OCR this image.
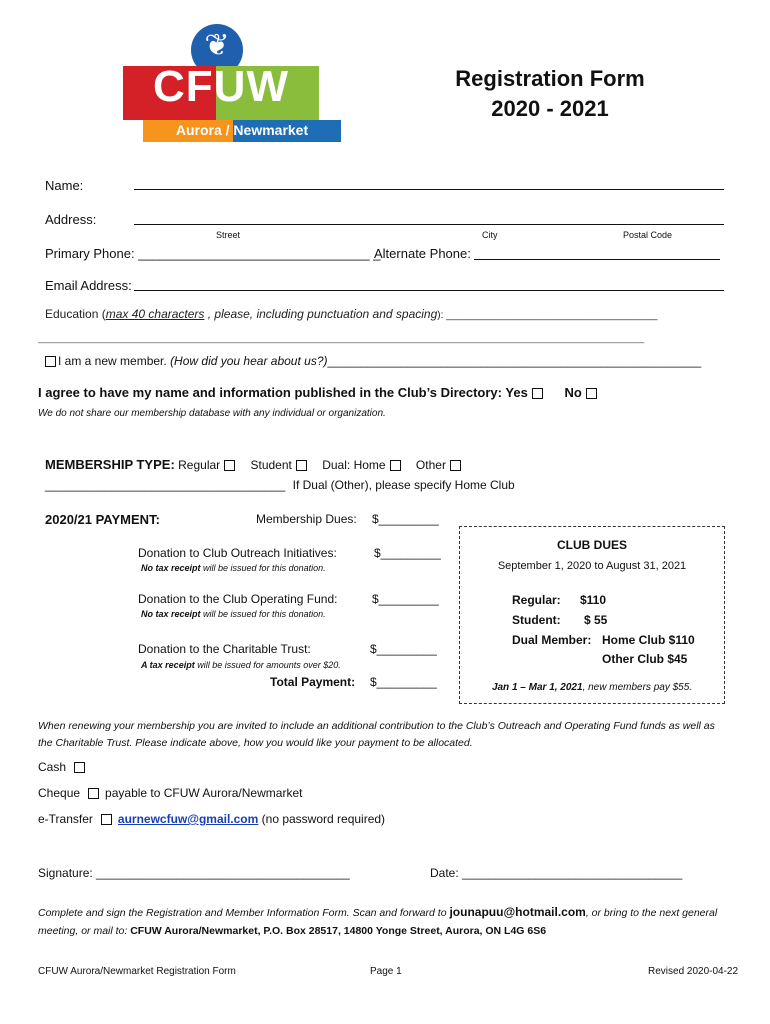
❦
CFUW
Aurora / Newmarket
Registration Form
2020 - 2021
Name:
Address:
Street	City	Postal Code
Primary Phone: ________________________________ _
Alternate Phone:
Email Address:
Education (max 40 characters , please, including punctuation and spacing): ______________________________________
_____________________________________________________________________________________________________________
I am a new member. (How did you hear about us?)________________________________________________________
I agree to have my name and information published in the Club’s Directory: Yes	No
We do not share our membership database with any individual or organization.
MEMBERSHIP TYPE: Regular	Student	Dual: Home	Other
____________________________________ If Dual (Other), please specify Home Club
2020/21 PAYMENT:	Membership Dues: $_________
Donation to Club Outreach Initiatives:	$_________
No tax receipt will be issued for this donation.
Donation to the Club Operating Fund:	$_________
No tax receipt will be issued for this donation.
Donation to the Charitable Trust:	$_________
A tax receipt will be issued for amounts over $20.
Total Payment: $_________
CLUB DUES
September 1, 2020 to August 31, 2021
Regular: $110
Student: $ 55
Dual Member: Home Club $110
Other Club $45
Jan 1 – Mar 1, 2021, new members pay $55.
When renewing your membership you are invited to include an additional contribution to the Club’s Outreach and Operating Fund funds as well as the Charitable Trust. Please indicate above, how you would like your payment to be allocated.
Cash
Cheque payable to CFUW Aurora/Newmarket
e-Transfer aurnewcfuw@gmail.com (no password required)
Signature: ______________________________________	Date: _________________________________
Complete and sign the Registration and Member Information Form. Scan and forward to jounapuu@hotmail.com, or bring to the next general meeting, or mail to: CFUW Aurora/Newmarket, P.O. Box 28517, 14800 Yonge Street, Aurora, ON L4G 6S6
CFUW Aurora/Newmarket Registration Form	Page 1	Revised 2020-04-22
